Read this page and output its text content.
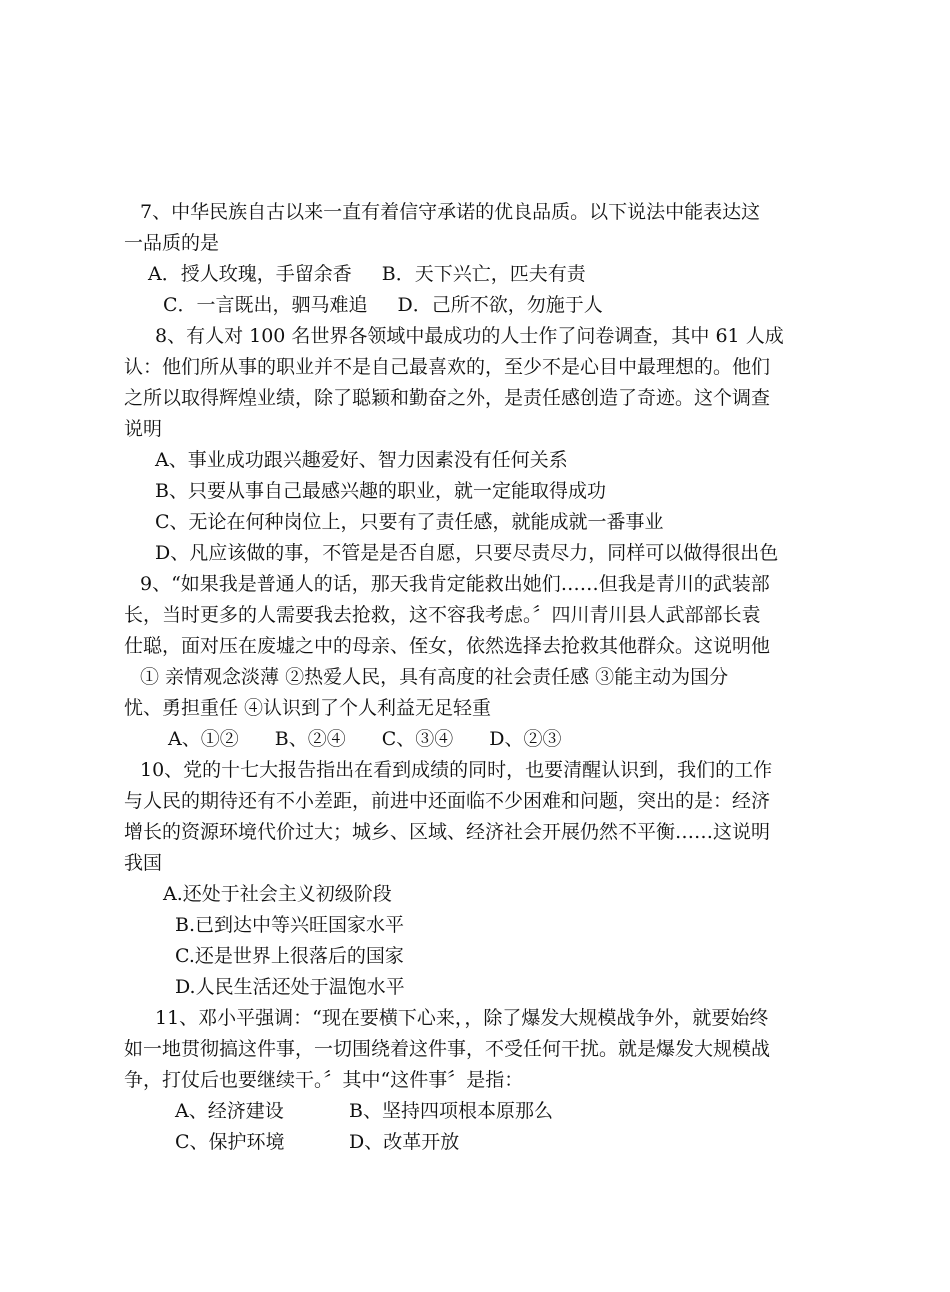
7、中华民族自古以来一直有着信守承诺的优良品质。以下说法中能表达这
一品质的是
A．授人玫瑰，手留余香 B．天下兴亡，匹夫有责
C．一言既出，驷马难追 D．己所不欲，勿施于人
8、有人对 100 名世界各领域中最成功的人士作了问卷调查，其中 61 人成
认：他们所从事的职业并不是自己最喜欢的，至少不是心目中最理想的。他们
之所以取得辉煌业绩，除了聪颖和勤奋之外，是责任感创造了奇迹。这个调查
说明
A、事业成功跟兴趣爱好、智力因素没有任何关系
B、只要从事自己最感兴趣的职业，就一定能取得成功
C、无论在何种岗位上，只要有了责任感，就能成就一番事业
D、凡应该做的事，不管是是否自愿，只要尽责尽力，同样可以做得很出色
9、“如果我是普通人的话，那天我肯定能救出她们……但我是青川的武装部
长，当时更多的人需要我去抢救，这不容我考虑。〞四川青川县人武部部长袁
仕聪，面对压在废墟之中的母亲、侄女，依然选择去抢救其他群众。这说明他
① 亲情观念淡薄 ②热爱人民，具有高度的社会责任感 ③能主动为国分
忧、勇担重任 ④认识到了个人利益无足轻重
A、①② B、②④ C、③④ D、②③
10、党的十七大报告指出在看到成绩的同时，也要清醒认识到，我们的工作
与人民的期待还有不小差距，前进中还面临不少困难和问题，突出的是：经济
增长的资源环境代价过大；城乡、区域、经济社会开展仍然不平衡……这说明
我国
A.还处于社会主义初级阶段
B.已到达中等兴旺国家水平
C.还是世界上很落后的国家
D.人民生活还处于温饱水平
11、邓小平强调：“现在要横下心来，，除了爆发大规模战争外，就要始终
如一地贯彻搞这件事，一切围绕着这件事，不受任何干扰。就是爆发大规模战
争，打仗后也要继续干。〞其中“这件事〞是指：
A、经济建设	B、坚持四项根本原那么
C、保护环境	D、改革开放
